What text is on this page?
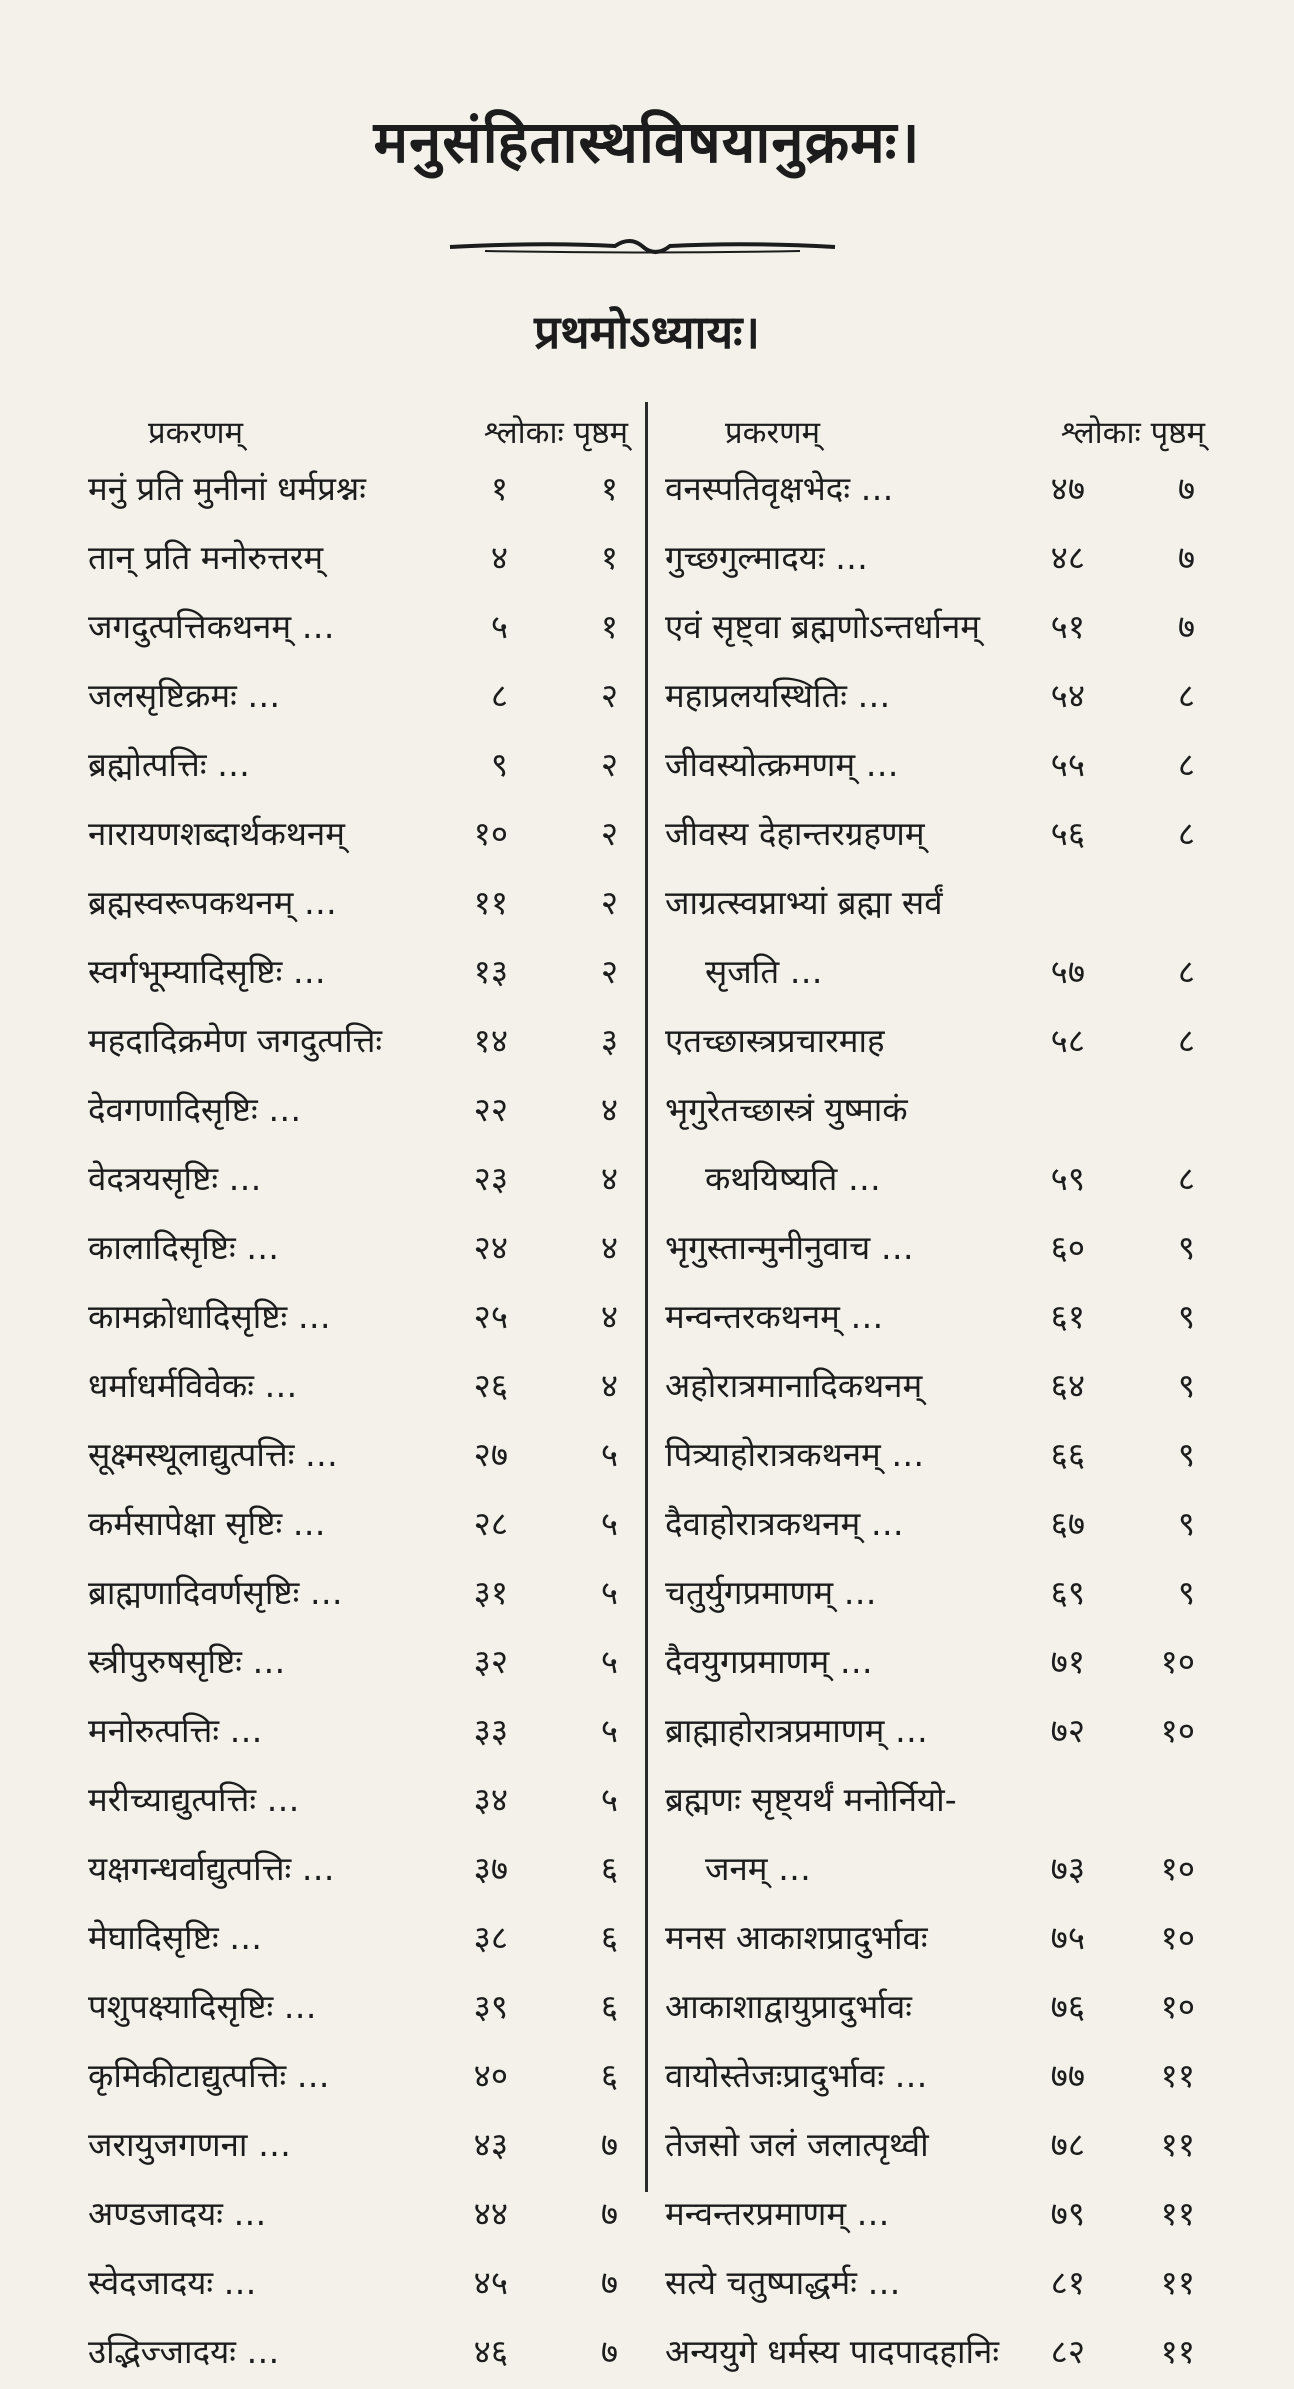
मनुसंहितास्थविषयानुक्रमः।
प्रथमोऽध्यायः।
प्रकरणम्	श्लोकाः पृष्ठम्
मनुं प्रति मुनीनां धर्मप्रश्नः	१	१
तान् प्रति मनोरुत्तरम्	४	१
जगदुत्पत्तिकथनम् …	५	१
जलसृष्टिक्रमः …	८	२
ब्रह्मोत्पत्तिः …	९	२
नारायणशब्दार्थकथनम्	१०	२
ब्रह्मस्वरूपकथनम् …	११	२
स्वर्गभूम्यादिसृष्टिः …	१३	२
महदादिक्रमेण जगदुत्पत्तिः	१४	३
देवगणादिसृष्टिः …	२२	४
वेदत्रयसृष्टिः …	२३	४
कालादिसृष्टिः …	२४	४
कामक्रोधादिसृष्टिः …	२५	४
धर्माधर्मविवेकः …	२६	४
सूक्ष्मस्थूलाद्युत्पत्तिः …	२७	५
कर्मसापेक्षा सृष्टिः …	२८	५
ब्राह्मणादिवर्णसृष्टिः …	३१	५
स्त्रीपुरुषसृष्टिः …	३२	५
मनोरुत्पत्तिः …	३३	५
मरीच्याद्युत्पत्तिः …	३४	५
यक्षगन्धर्वाद्युत्पत्तिः …	३७	६
मेघादिसृष्टिः …	३८	६
पशुपक्ष्यादिसृष्टिः …	३९	६
कृमिकीटाद्युत्पत्तिः …	४०	६
जरायुजगणना …	४३	७
अण्डजादयः …	४४	७
स्वेदजादयः …	४५	७
उद्भिज्जादयः …	४६	७
प्रकरणम्	श्लोकाः पृष्ठम्
वनस्पतिवृक्षभेदः …	४७	७
गुच्छगुल्मादयः …	४८	७
एवं सृष्ट्वा ब्रह्मणोऽन्तर्धानम् ५१	७
महाप्रलयस्थितिः …	५४	८
जीवस्योत्क्रमणम् …	५५	८
जीवस्य देहान्तरग्रहणम्	५६	८
जाग्रत्स्वप्नाभ्यां ब्रह्मा सर्वं
सृजति …	५७	८
एतच्छास्त्रप्रचारमाह	५८	८
भृगुरेतच्छास्त्रं युष्माकं
कथयिष्यति …	५९	८
भृगुस्तान्मुनीनुवाच …	६०	९
मन्वन्तरकथनम् …	६१	९
अहोरात्रमानादिकथनम्	६४	९
पित्र्याहोरात्रकथनम् …	६६	९
दैवाहोरात्रकथनम् …	६७	९
चतुर्युगप्रमाणम् …	६९	९
दैवयुगप्रमाणम् …	७१ १०
ब्राह्माहोरात्रप्रमाणम् …	७२ १०
ब्रह्मणः सृष्ट्यर्थं मनोर्नियो-
जनम् …	७३ १०
मनस आकाशप्रादुर्भावः	७५ १०
आकाशाद्वायुप्रादुर्भावः	७६ १०
वायोस्तेजःप्रादुर्भावः …	७७ ११
तेजसो जलं जलात्पृथ्वी	७८ ११
मन्वन्तरप्रमाणम् …	७९ ११
सत्ये चतुष्पाद्धर्मः …	८१ ११
अन्ययुगे धर्मस्य पादपादहानिः ८२ ११
